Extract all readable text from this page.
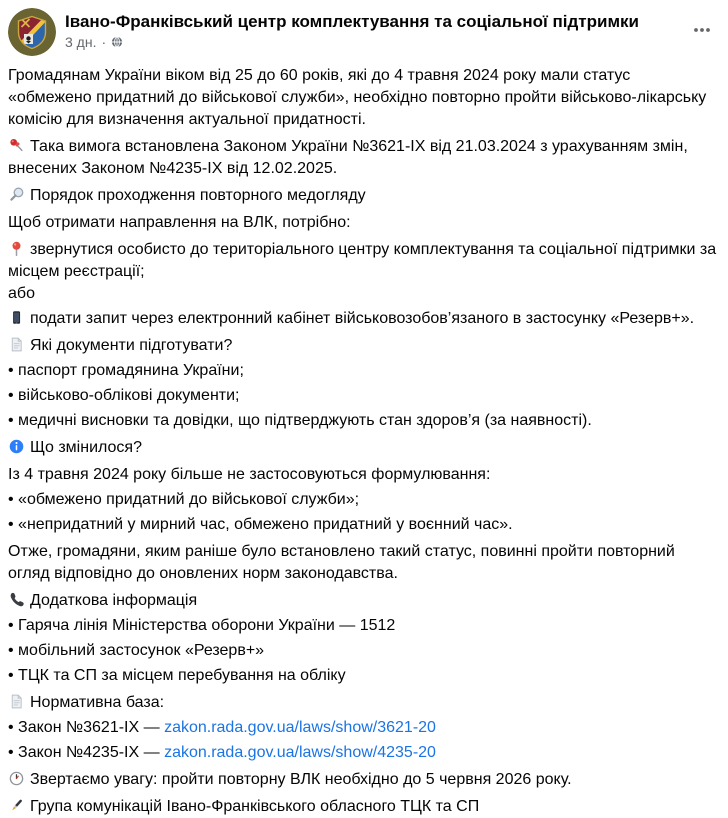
Івано-Франківський центр комплектування та соціальної підтримки
3 дн. ·

Громадянам України віком від 25 до 60 років, які до 4 травня 2024 року мали статус «обмежено придатний до військової служби», необхідно повторно пройти військово-лікарську комісію для визначення актуальної придатності.

Така вимога встановлена Законом України №3621-IX від 21.03.2024 з урахуванням змін, внесених Законом №4235-IX від 12.02.2025.

Порядок проходження повторного медогляду

Щоб отримати направлення на ВЛК, потрібно:

звернутися особисто до територіального центру комплектування та соціальної підтримки за місцем реєстрації;

або

подати запит через електронний кабінет військовозобов’язаного в застосунку «Резерв+».

Які документи підготувати?

• паспорт громадянина України;
• військово-облікові документи;
• медичні висновки та довідки, що підтверджують стан здоров’я (за наявності).

Що змінилося?

Із 4 травня 2024 року більше не застосовуються формулювання:

• «обмежено придатний до військової служби»;
• «непридатний у мирний час, обмежено придатний у воєнний час».

Отже, громадяни, яким раніше було встановлено такий статус, повинні пройти повторний огляд відповідно до оновлених норм законодавства.

Додаткова інформація

• Гаряча лінія Міністерства оборони України — 1512
• мобільний застосунок «Резерв+»
• ТЦК та СП за місцем перебування на обліку

Нормативна база:

• Закон №3621-IX — zakon.rada.gov.ua/laws/show/3621-20
• Закон №4235-IX — zakon.rada.gov.ua/laws/show/4235-20

Звертаємо увагу: пройти повторну ВЛК необхідно до 5 червня 2026 року.

Група комунікацій Івано-Франківського обласного ТЦК та СП
